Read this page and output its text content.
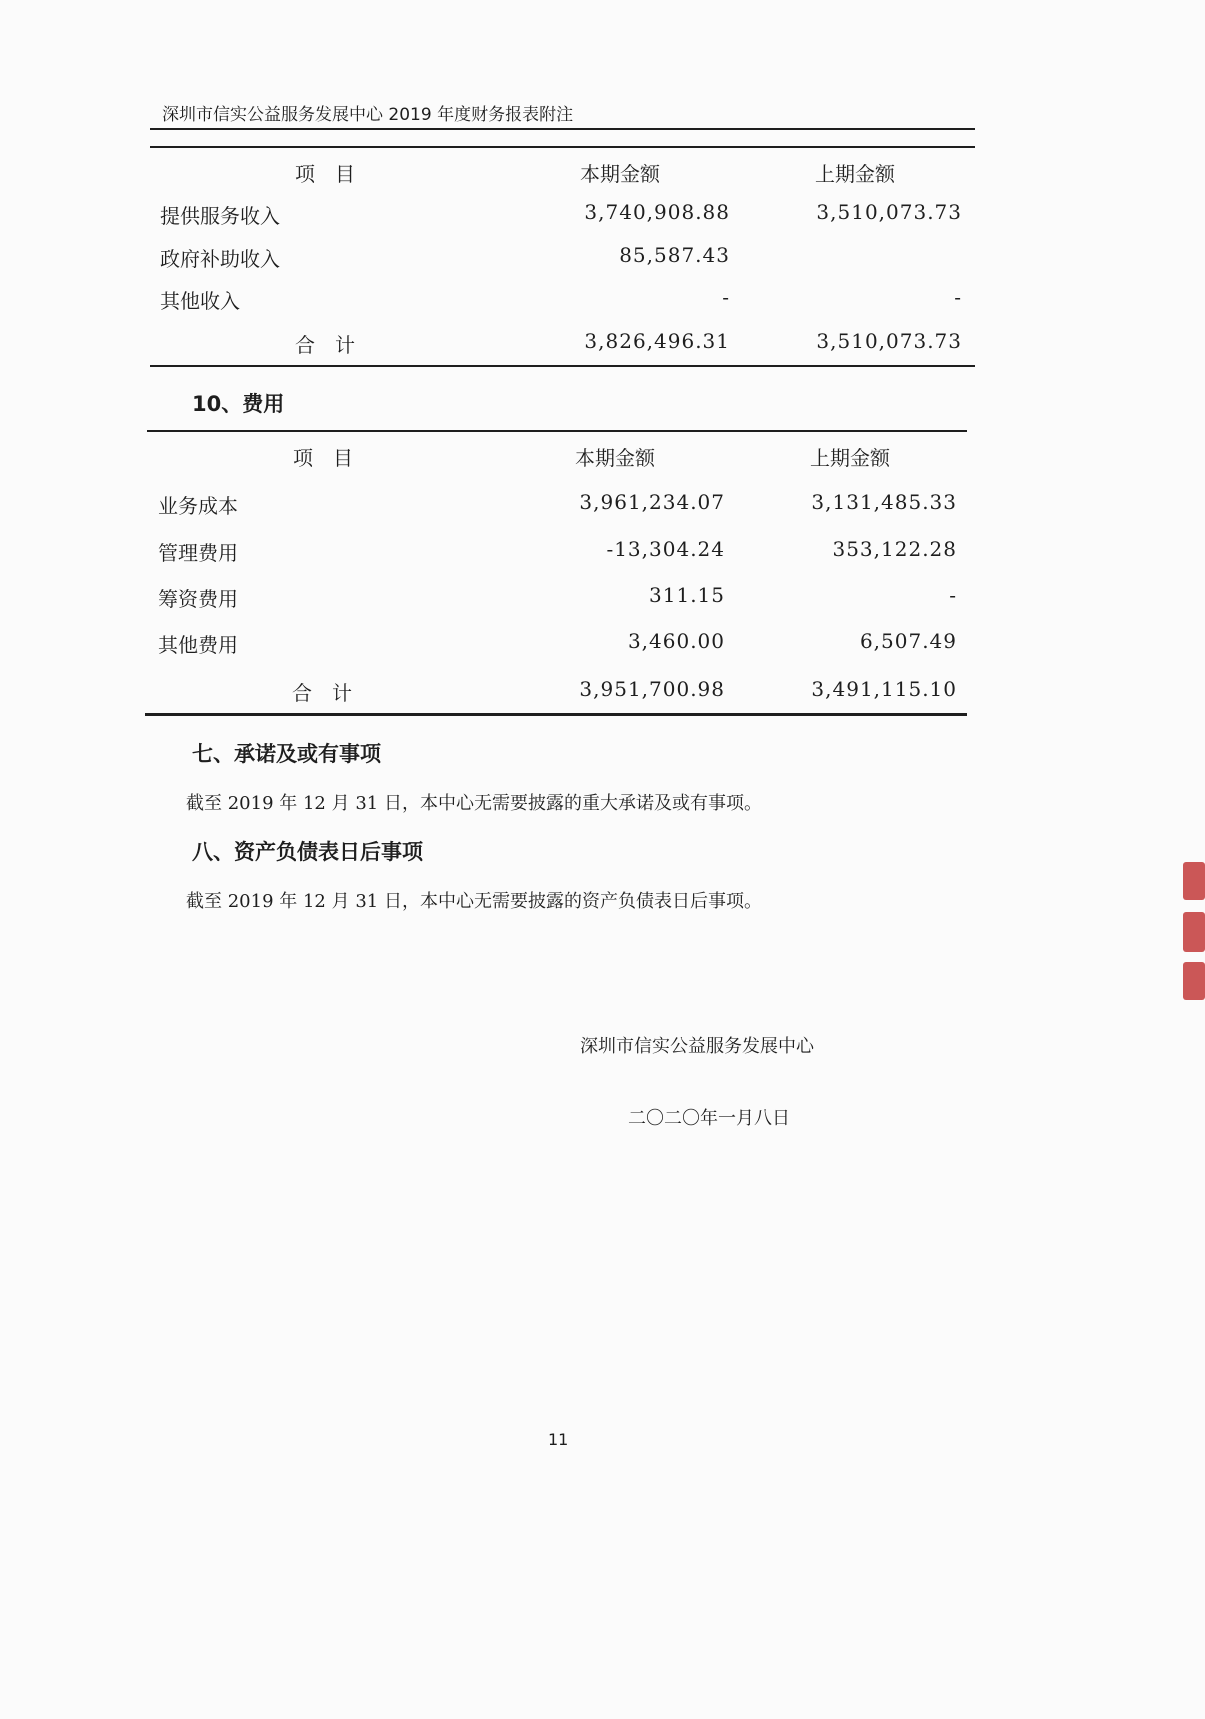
深圳市信实公益服务发展中心 2019 年度财务报表附注
项　目	本期金额	上期金额
提供服务收入	3,740,908.88	3,510,073.73
政府补助收入	85,587.43
其他收入	-	-
合　计	3,826,496.31	3,510,073.73
10、费用
项　目	本期金额	上期金额
业务成本	3,961,234.07	3,131,485.33
管理费用	-13,304.24	353,122.28
筹资费用	311.15	-
其他费用	3,460.00	6,507.49
合　计	3,951,700.98	3,491,115.10
七、承诺及或有事项
截至 2019 年 12 月 31 日，本中心无需要披露的重大承诺及或有事项。
八、资产负债表日后事项
截至 2019 年 12 月 31 日，本中心无需要披露的资产负债表日后事项。
深圳市信实公益服务发展中心
二〇二〇年一月八日
11
